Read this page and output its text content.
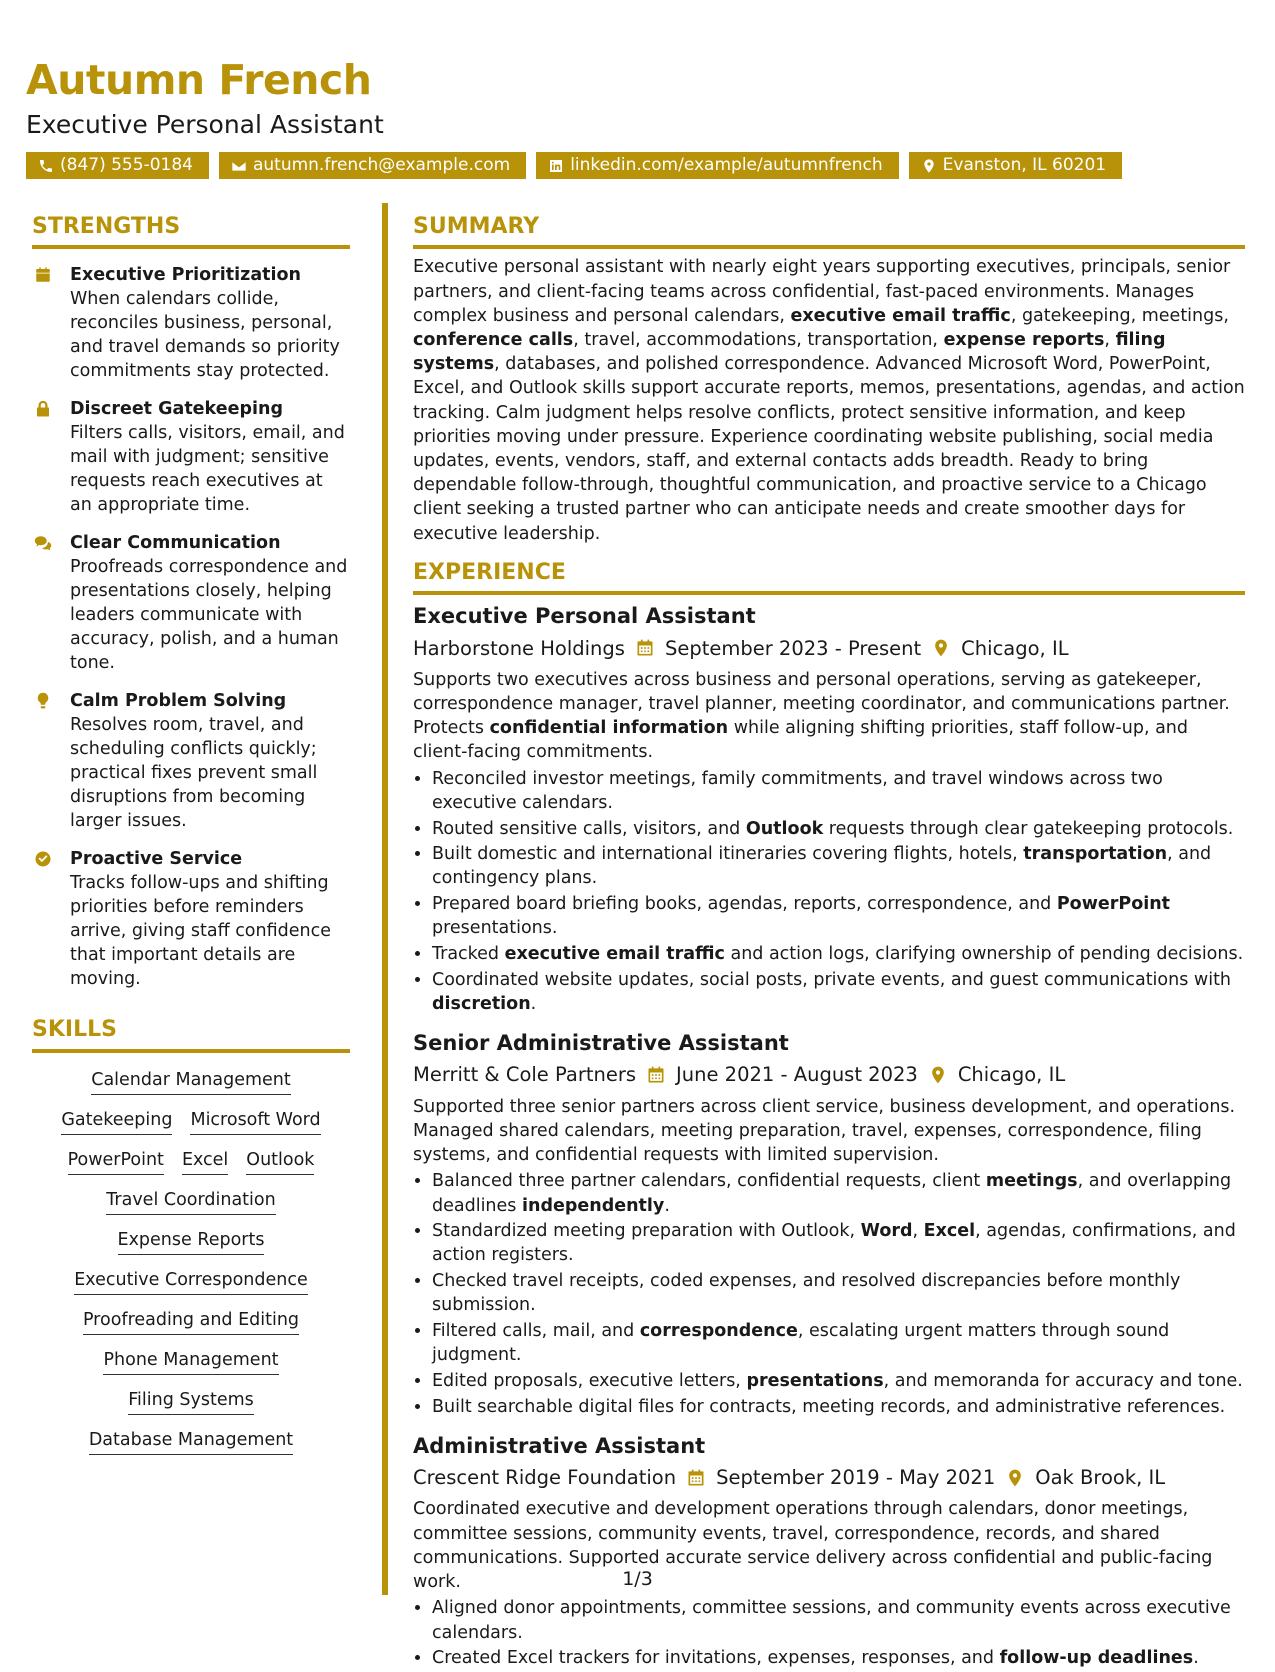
Autumn French
Executive Personal Assistant
(847) 555-0184	autumn.french@example.com	linkedin.com/example/autumnfrench	Evanston, IL 60201
STRENGTHS
Executive Prioritization
When calendars collide, reconciles business, personal, and travel demands so priority commitments stay protected.
Discreet Gatekeeping
Filters calls, visitors, email, and mail with judgment; sensitive requests reach executives at an appropriate time.
Clear Communication
Proofreads correspondence and presentations closely, helping leaders communicate with accuracy, polish, and a human tone.
Calm Problem Solving
Resolves room, travel, and scheduling conflicts quickly; practical fixes prevent small disruptions from becoming larger issues.
Proactive Service
Tracks follow-ups and shifting priorities before reminders arrive, giving staff confidence that important details are moving.
SKILLS
Calendar Management
Gatekeeping Microsoft Word
PowerPoint Excel Outlook
Travel Coordination
Expense Reports
Executive Correspondence
Proofreading and Editing
Phone Management
Filing Systems
Database Management
SUMMARY

Executive personal assistant with nearly eight years supporting executives, principals, senior partners, and client-facing teams across confidential, fast-paced environments. Manages complex business and personal calendars, executive email traffic, gatekeeping, meetings, conference calls, travel, accommodations, transportation, expense reports, filing systems, databases, and polished correspondence. Advanced Microsoft Word, PowerPoint, Excel, and Outlook skills support accurate reports, memos, presentations, agendas, and action tracking. Calm judgment helps resolve conflicts, protect sensitive information, and keep priorities moving under pressure. Experience coordinating website publishing, social media updates, events, vendors, staff, and external contacts adds breadth. Ready to bring dependable follow-through, thoughtful communication, and proactive service to a Chicago client seeking a trusted partner who can anticipate needs and create smoother days for executive leadership.

EXPERIENCE
Executive Personal Assistant
Harborstone Holdings September 2023 - Present Chicago, IL

Supports two executives across business and personal operations, serving as gatekeeper, correspondence manager, travel planner, meeting coordinator, and communications partner. Protects confidential information while aligning shifting priorities, staff follow-up, and client-facing commitments.

• Reconciled investor meetings, family commitments, and travel windows across two executive calendars.
• Routed sensitive calls, visitors, and Outlook requests through clear gatekeeping protocols.
• Built domestic and international itineraries covering flights, hotels, transportation, and contingency plans.
• Prepared board briefing books, agendas, reports, correspondence, and PowerPoint presentations.
• Tracked executive email traffic and action logs, clarifying ownership of pending decisions.
• Coordinated website updates, social posts, private events, and guest communications with discretion.
Senior Administrative Assistant
Merritt & Cole Partners June 2021 - August 2023 Chicago, IL

Supported three senior partners across client service, business development, and operations. Managed shared calendars, meeting preparation, travel, expenses, correspondence, filing systems, and confidential requests with limited supervision.

• Balanced three partner calendars, confidential requests, client meetings, and overlapping deadlines independently.
• Standardized meeting preparation with Outlook, Word, Excel, agendas, confirmations, and action registers.
• Checked travel receipts, coded expenses, and resolved discrepancies before monthly submission.
• Filtered calls, mail, and correspondence, escalating urgent matters through sound judgment.
• Edited proposals, executive letters, presentations, and memoranda for accuracy and tone.
• Built searchable digital files for contracts, meeting records, and administrative references.
Administrative Assistant
Crescent Ridge Foundation September 2019 - May 2021 Oak Brook, IL

Coordinated executive and development operations through calendars, donor meetings, committee sessions, community events, travel, correspondence, records, and shared communications. Supported accurate service delivery across confidential and public-facing work.

• Aligned donor appointments, committee sessions, and community events across executive calendars.
• Created Excel trackers for invitations, expenses, responses, and follow-up deadlines.
1/3
